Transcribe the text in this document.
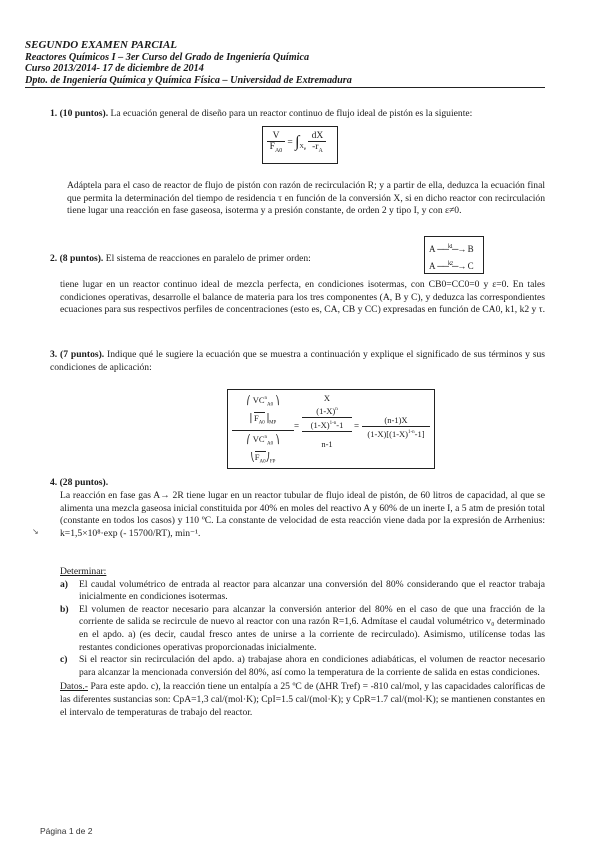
SEGUNDO EXAMEN PARCIAL
Reactores Químicos I – 3er Curso del Grado de Ingeniería Química
Curso 2013/2014- 17 de diciembre de 2014
Dpto. de Ingeniería Química y Química Física – Universidad de Extremadura
1. (10 puntos). La ecuación general de diseño para un reactor continuo de flujo ideal de pistón es la siguiente:
$\frac{V}{F_{A0}} = \int_{X_e} \frac{dX}{-r_A}$
Adáptela para el caso de reactor de flujo de pistón con razón de recirculación R; y a partir de ella, deduzca la ecuación final que permita la determinación del tiempo de residencia τ en función de la conversión X, si en dicho reactor con recirculación tiene lugar una reacción en fase gaseosa, isoterma y a presión constante, de orden 2 y tipo I, y con ε≠0.
2. (8 puntos). El sistema de reacciones en paralelo de primer orden:
A ──$^{k1}$─→ B
A ──$^{k2}$─→ C
tiene lugar en un reactor continuo ideal de mezcla perfecta, en condiciones isotermas, con CB0=CC0=0 y ε=0. En tales condiciones operativas, desarrolle el balance de materia para los tres componentes (A, B y C), y deduzca las correspondientes ecuaciones para sus respectivos perfiles de concentraciones (esto es, CA, CB y CC) expresadas en función de CA0, k1, k2 y τ.
3. (7 puntos). Indique qué le sugiere la ecuación que se muestra a continuación y explique el significado de sus términos y sus condiciones de aplicación:
⎛ $VC^n_{A0}$ ⎞
$⎜F_{A0}⎟_{MP}$
⎛ $VC^n_{A0}$ ⎞
$⎝F_{A0}⎠_{FP}$
=
X
$(1-X)^n$
$(1-X)^{1-n}-1$
n-1
=
(n-1)X
$(1-X)[(1-X)^{1-n}-1]$
4. (28 puntos).
La reacción en fase gas A→ 2R tiene lugar en un reactor tubular de flujo ideal de pistón, de 60 litros de capacidad, al que se alimenta una mezcla gaseosa inicial constituida por 40% en moles del reactivo A y 60% de un inerte I, a 5 atm de presión total (constante en todos los casos) y 110 ºC. La constante de velocidad de esta reacción viene dada por la expresión de Arrhenius: k=1,5×10⁸·exp (- 15700/RT), min⁻¹.
↘
Determinar:
a) El caudal volumétrico de entrada al reactor para alcanzar una conversión del 80% considerando que el reactor trabaja inicialmente en condiciones isotermas.
b) El volumen de reactor necesario para alcanzar la conversión anterior del 80% en el caso de que una fracción de la corriente de salida se recircule de nuevo al reactor con una razón R=1,6. Admítase el caudal volumétrico v₀ determinado en el apdo. a) (es decir, caudal fresco antes de unirse a la corriente de recirculado). Asimismo, utilícense todas las restantes condiciones operativas proporcionadas inicialmente.
c) Si el reactor sin recirculación del apdo. a) trabajase ahora en condiciones adiabáticas, el volumen de reactor necesario para alcanzar la mencionada conversión del 80%, así como la temperatura de la corriente de salida en estas condiciones.
Datos.- Para este apdo. c), la reacción tiene un entalpía a 25 ºC de (ΔHR Tref) = -810 cal/mol, y las capacidades caloríficas de las diferentes sustancias son: CpA=1,3 cal/(mol·K); CpI=1.5 cal/(mol·K); y CpR=1.7 cal/(mol·K); se mantienen constantes en el intervalo de temperaturas de trabajo del reactor.
Página 1 de 2
